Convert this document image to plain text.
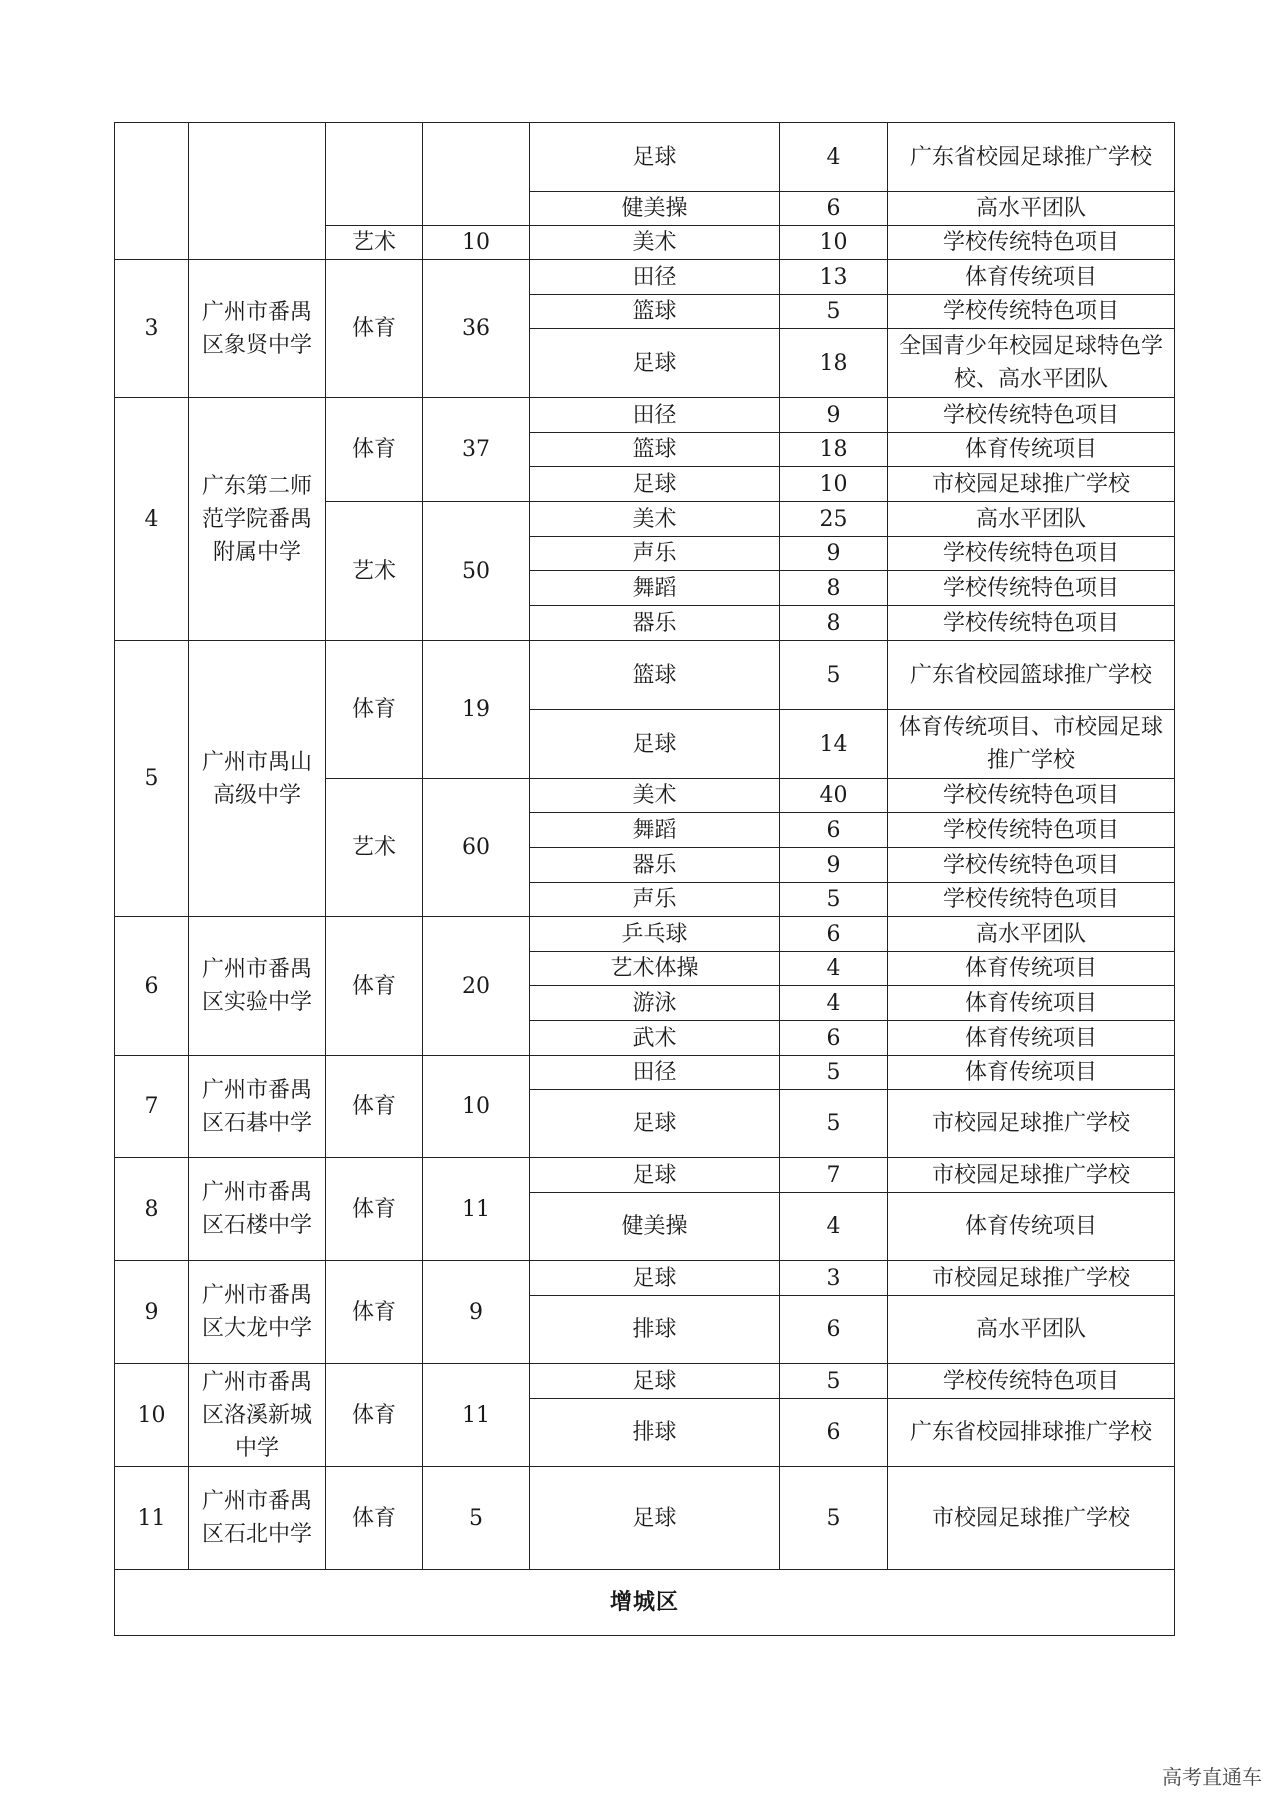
				足球	4	广东省校园足球推广学校
				健美操	6	高水平团队
		艺术	10	美术	10	学校传统特色项目
3	广州市番禺区象贤中学	体育	36	田径	13	体育传统项目
				篮球	5	学校传统特色项目
				足球	18	全国青少年校园足球特色学校、高水平团队
4	广东第二师范学院番禺附属中学	体育	37	田径	9	学校传统特色项目
				篮球	18	体育传统项目
				足球	10	市校园足球推广学校
		艺术	50	美术	25	高水平团队
				声乐	9	学校传统特色项目
				舞蹈	8	学校传统特色项目
				器乐	8	学校传统特色项目
5	广州市禺山高级中学	体育	19	篮球	5	广东省校园篮球推广学校
				足球	14	体育传统项目、市校园足球推广学校
		艺术	60	美术	40	学校传统特色项目
				舞蹈	6	学校传统特色项目
				器乐	9	学校传统特色项目
				声乐	5	学校传统特色项目
6	广州市番禺区实验中学	体育	20	乒乓球	6	高水平团队
				艺术体操	4	体育传统项目
				游泳	4	体育传统项目
				武术	6	体育传统项目
7	广州市番禺区石碁中学	体育	10	田径	5	体育传统项目
				足球	5	市校园足球推广学校
8	广州市番禺区石楼中学	体育	11	足球	7	市校园足球推广学校
				健美操	4	体育传统项目
9	广州市番禺区大龙中学	体育	9	足球	3	市校园足球推广学校
				排球	6	高水平团队
10	广州市番禺区洛溪新城中学	体育	11	足球	5	学校传统特色项目
				排球	6	广东省校园排球推广学校
11	广州市番禺区石北中学	体育	5	足球	5	市校园足球推广学校
增城区						
高考直通车
